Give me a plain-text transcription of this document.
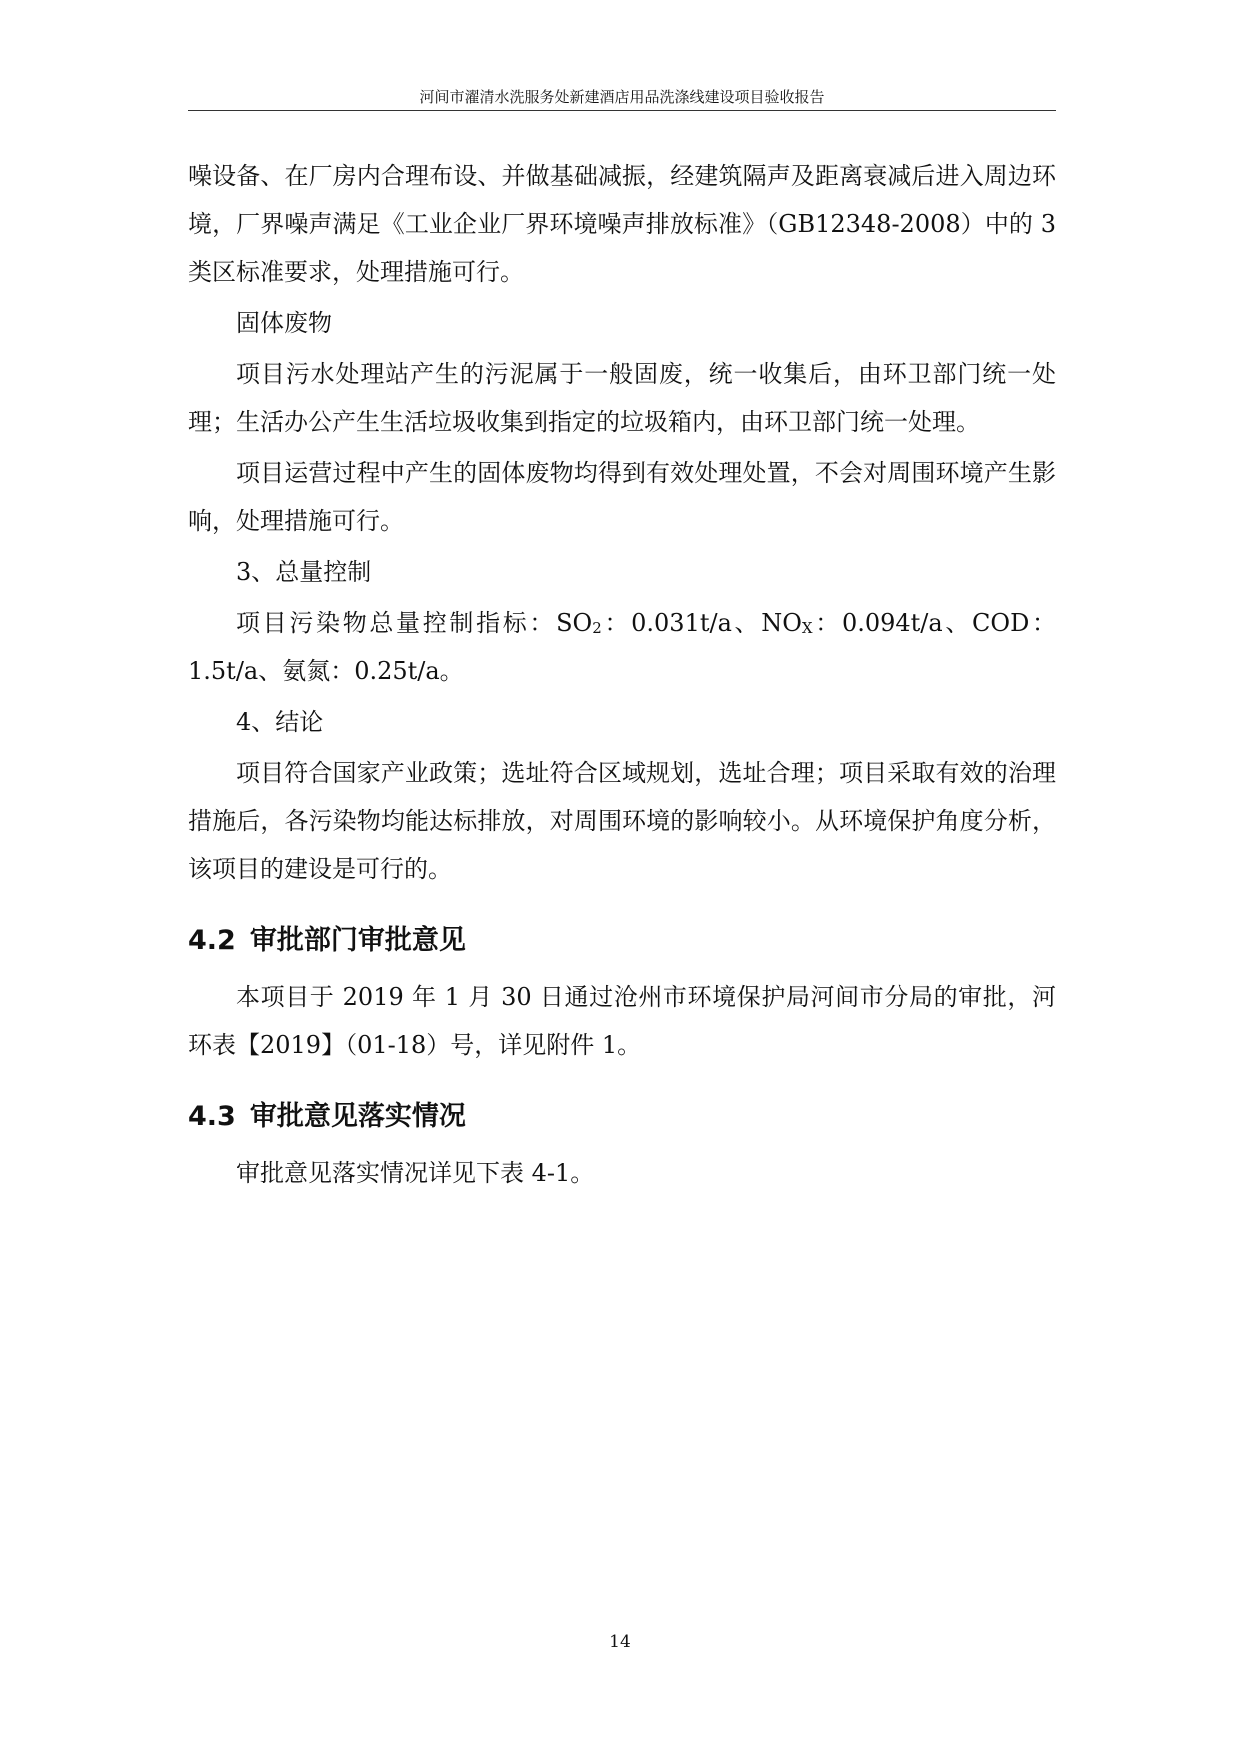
河间市濯清水洗服务处新建酒店用品洗涤线建设项目验收报告

噪设备、在厂房内合理布设、并做基础减振，经建筑隔声及距离衰减后进入周边环境，厂界噪声满足《工业企业厂界环境噪声排放标准》（GB12348-2008）中的 3 类区标准要求，处理措施可行。

固体废物

项目污水处理站产生的污泥属于一般固废，统一收集后，由环卫部门统一处理；生活办公产生生活垃圾收集到指定的垃圾箱内，由环卫部门统一处理。

项目运营过程中产生的固体废物均得到有效处理处置，不会对周围环境产生影响，处理措施可行。

3、总量控制

项目污染物总量控制指标：$SO_2$：0.031t/a、$NO_X$：0.094t/a、COD：1.5t/a、氨氮：0.25t/a。

4、结论

项目符合国家产业政策；选址符合区域规划，选址合理；项目采取有效的治理措施后，各污染物均能达标排放，对周围环境的影响较小。从环境保护角度分析，该项目的建设是可行的。

4.2 审批部门审批意见

本项目于 2019 年 1 月 30 日通过沧州市环境保护局河间市分局的审批，河环表【2019】（01-18）号，详见附件 1。

4.3 审批意见落实情况

审批意见落实情况详见下表 4-1。

14
